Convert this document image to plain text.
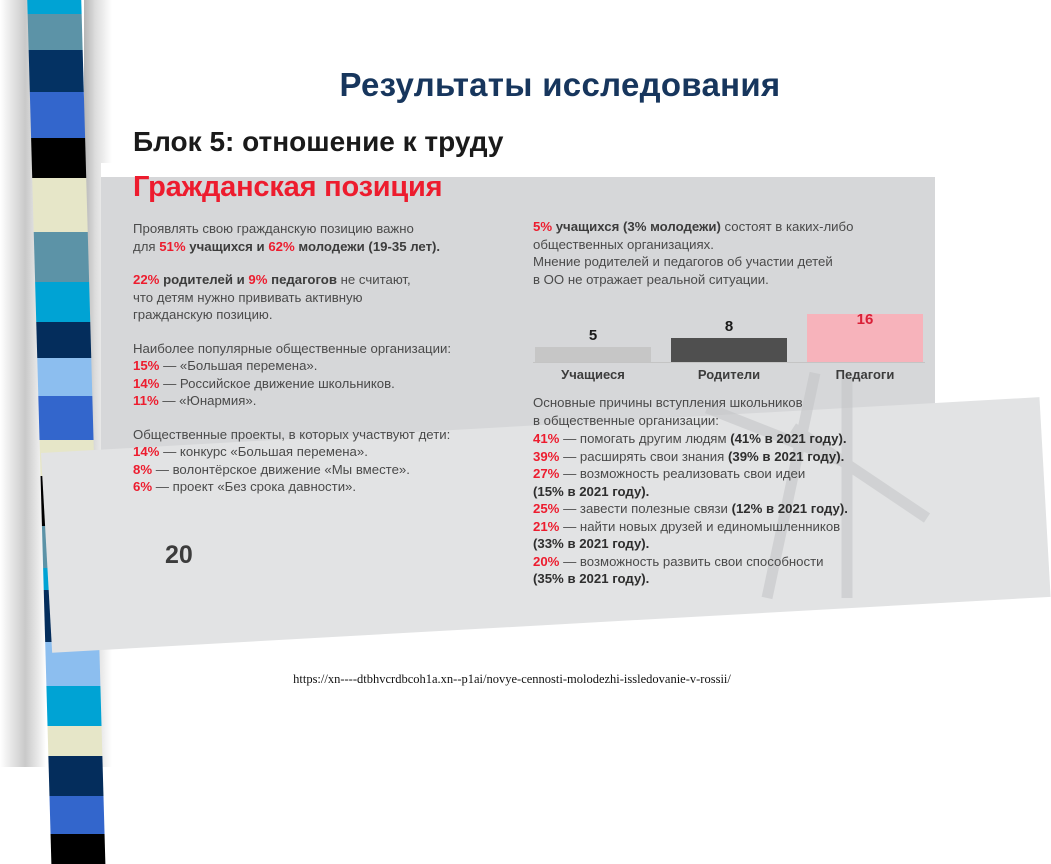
Результаты исследования
Блок 5: отношение к труду
Гражданская позиция
Проявлять свою гражданскую позицию важно
для 51% учащихся и 62% молодежи (19-35 лет).
22% родителей и 9% педагогов не считают,
что детям нужно прививать активную
гражданскую позицию.
Наиболее популярные общественные организации:
15% — «Большая перемена».
14% — Российское движение школьников.
11% — «Юнармия».
Общественные проекты, в которых участвуют дети:
14% — конкурс «Большая перемена».
8% — волонтёрское движение «Мы вместе».
6% — проект «Без срока давности».
5% учащихся (3% молодежи) состоят в каких-либо
общественных организациях.
Мнение родителей и педагогов об участии детей
в ОО не отражает реальной ситуации.
5
8	16
Учащиеся	Родители	Педагоги
Основные причины вступления школьников
в общественные организации:
41% — помогать другим людям (41% в 2021 году).
39% — расширять свои знания (39% в 2021 году).
27% — возможность реализовать свои идеи
(15% в 2021 году).
25% — завести полезные связи (12% в 2021 году).
21% — найти новых друзей и единомышленников
(33% в 2021 году).
20% — возможность развить свои способности
(35% в 2021 году).
20
https://xn----dtbhvcrdbcoh1a.xn--p1ai/novye-cennosti-molodezhi-issledovanie-v-rossii/
